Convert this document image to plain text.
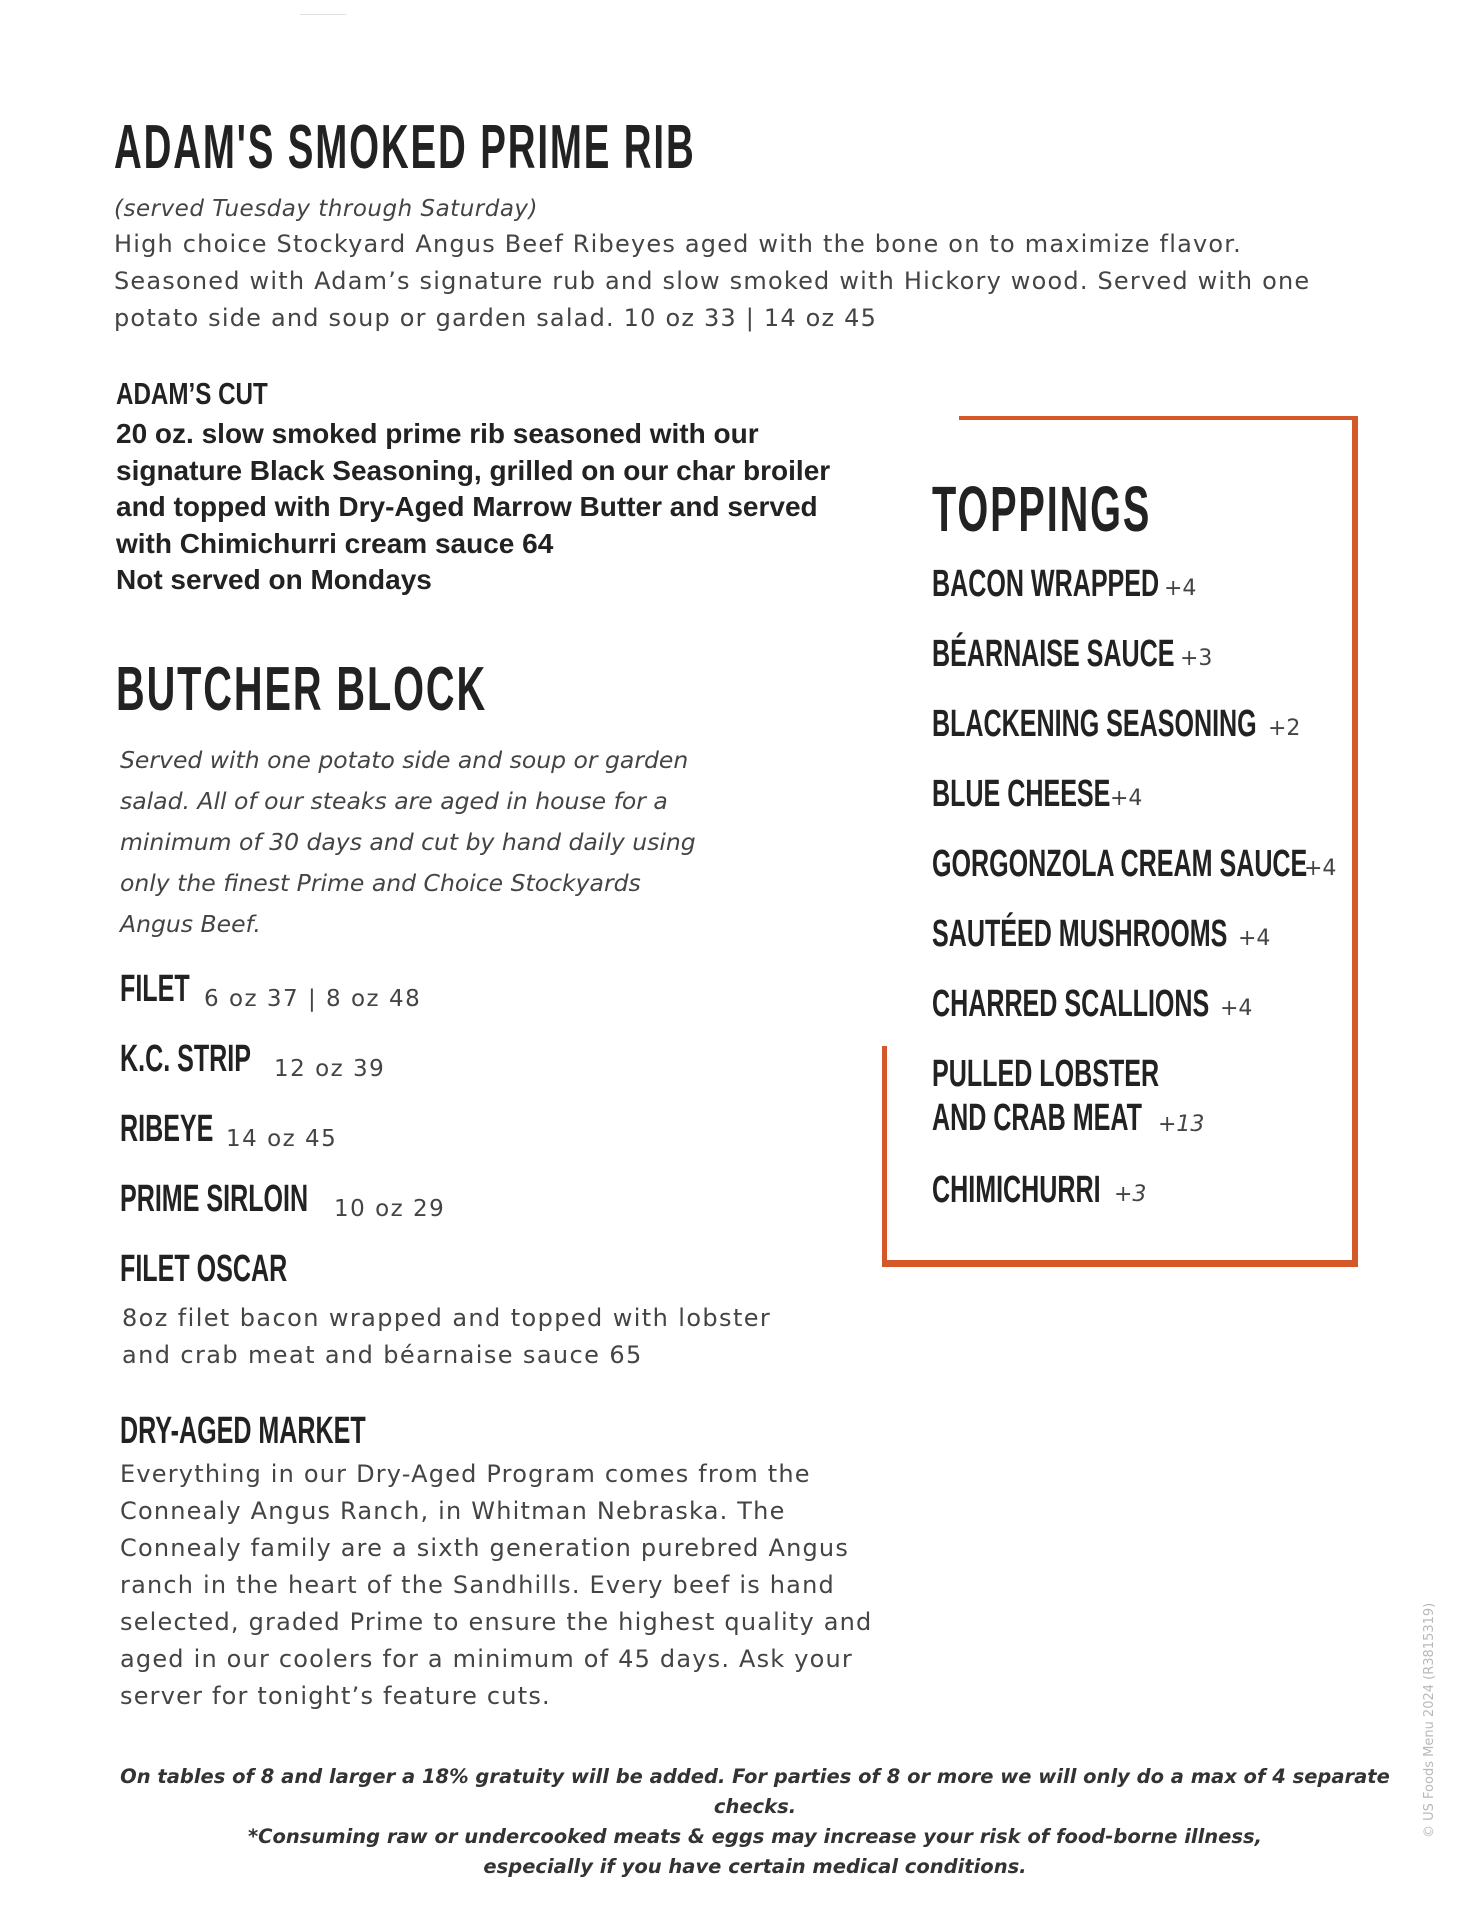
ADAM'S SMOKED PRIME RIB
(served Tuesday through Saturday)
High choice Stockyard Angus Beef Ribeyes aged with the bone on to maximize flavor. Seasoned with Adam’s signature rub and slow smoked with Hickory wood. Served with one potato side and soup or garden salad. 10 oz 33 | 14 oz 45
ADAM’S CUT
20 oz. slow smoked prime rib seasoned with our signature Black Seasoning, grilled on our char broiler and topped with Dry-Aged Marrow Butter and served with Chimichurri cream sauce 64
Not served on Mondays
BUTCHER BLOCK
Served with one potato side and soup or garden salad. All of our steaks are aged in house for a minimum of 30 days and cut by hand daily using only the finest Prime and Choice Stockyards Angus Beef.
FILET 6 oz 37 | 8 oz 48
K.C. STRIP 12 oz 39
RIBEYE 14 oz 45
PRIME SIRLOIN 10 oz 29
FILET OSCAR
8oz filet bacon wrapped and topped with lobster and crab meat and béarnaise sauce 65
DRY-AGED MARKET
Everything in our Dry-Aged Program comes from the Connealy Angus Ranch, in Whitman Nebraska. The Connealy family are a sixth generation purebred Angus ranch in the heart of the Sandhills. Every beef is hand selected, graded Prime to ensure the highest quality and aged in our coolers for a minimum of 45 days. Ask your server for tonight’s feature cuts.
TOPPINGS
BACON WRAPPED +4
BÉARNAISE SAUCE +3
BLACKENING SEASONING +2
BLUE CHEESE +4
GORGONZOLA CREAM SAUCE
+4
SAUTÉED MUSHROOMS +4
CHARRED SCALLIONS +4
PULLED LOBSTER
AND CRAB MEAT +13
CHIMICHURRI +3
On tables of 8 and larger a 18% gratuity will be added. For parties of 8 or more we will only do a max of 4 separate checks.
*Consuming raw or undercooked meats & eggs may increase your risk of food-borne illness,
especially if you have certain medical conditions.
© US Foods Menu 2024 (R3815319)
